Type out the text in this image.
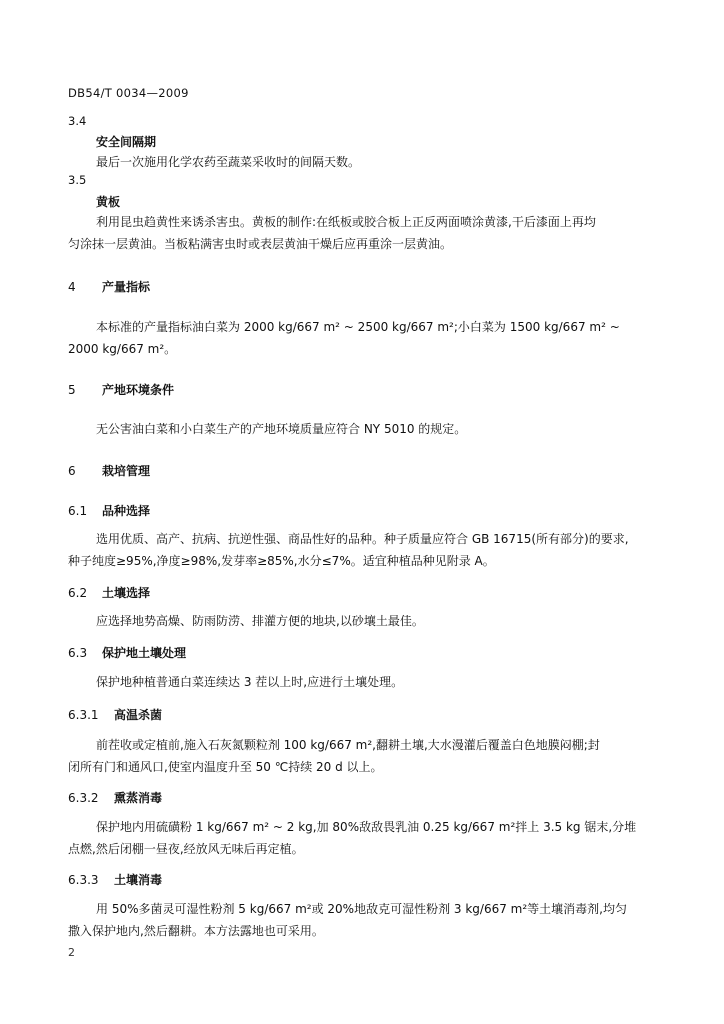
DB54/T 0034—2009
3.4
安全间隔期
最后一次施用化学农药至蔬菜采收时的间隔天数。
3.5
黄板
利用昆虫趋黄性来诱杀害虫。黄板的制作:在纸板或胶合板上正反两面喷涂黄漆,干后漆面上再均
匀涂抹一层黄油。当板粘满害虫时或表层黄油干燥后应再重涂一层黄油。
4 产量指标
本标准的产量指标油白菜为 2000 kg/667 m² ~ 2500 kg/667 m²;小白菜为 1500 kg/667 m² ~
2000 kg/667 m²。
5 产地环境条件
无公害油白菜和小白菜生产的产地环境质量应符合 NY 5010 的规定。
6 栽培管理
6.1 品种选择
选用优质、高产、抗病、抗逆性强、商品性好的品种。种子质量应符合 GB 16715(所有部分)的要求,
种子纯度≥95%,净度≥98%,发芽率≥85%,水分≤7%。适宜种植品种见附录 A。
6.2 土壤选择
应选择地势高燥、防雨防涝、排灌方便的地块,以砂壤土最佳。
6.3 保护地土壤处理
保护地种植普通白菜连续达 3 茬以上时,应进行土壤处理。
6.3.1 高温杀菌
前茬收或定植前,施入石灰氮颗粒剂 100 kg/667 m²,翻耕土壤,大水漫灌后覆盖白色地膜闷棚;封
闭所有门和通风口,使室内温度升至 50 ℃持续 20 d 以上。
6.3.2 熏蒸消毒
保护地内用硫磺粉 1 kg/667 m² ~ 2 kg,加 80%敌敌畏乳油 0.25 kg/667 m²拌上 3.5 kg 锯末,分堆
点燃,然后闭棚一昼夜,经放风无味后再定植。
6.3.3 土壤消毒
用 50%多菌灵可湿性粉剂 5 kg/667 m²或 20%地敌克可湿性粉剂 3 kg/667 m²等土壤消毒剂,均匀
撒入保护地内,然后翻耕。本方法露地也可采用。
2
